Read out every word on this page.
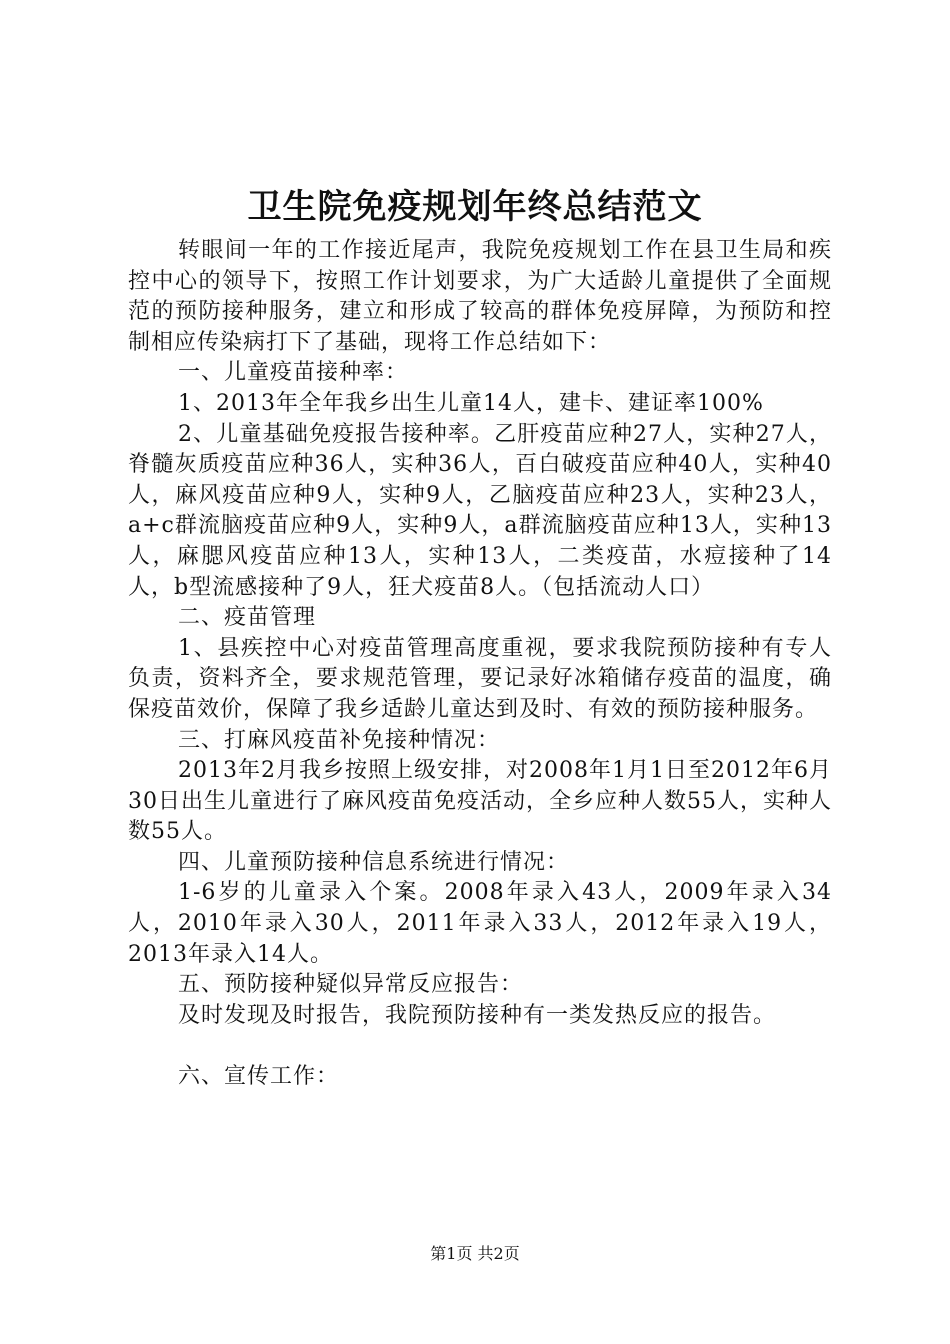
卫生院免疫规划年终总结范文

转眼间一年的工作接近尾声，我院免疫规划工作在县卫生局和疾控中心的领导下，按照工作计划要求，为广大适龄儿童提供了全面规范的预防接种服务，建立和形成了较高的群体免疫屏障，为预防和控制相应传染病打下了基础，现将工作总结如下：

一、儿童疫苗接种率：

1、2013年全年我乡出生儿童14人，建卡、建证率100%

2、儿童基础免疫报告接种率。乙肝疫苗应种27人，实种27人，脊髓灰质疫苗应种36人，实种36人，百白破疫苗应种40人，实种40人，麻风疫苗应种9人，实种9人，乙脑疫苗应种23人，实种23人，a+c群流脑疫苗应种9人，实种9人，a群流脑疫苗应种13人，实种13人，麻腮风疫苗应种13人，实种13人，二类疫苗，水痘接种了14人，b型流感接种了9人，狂犬疫苗8人。（包括流动人口）

二、疫苗管理

1、县疾控中心对疫苗管理高度重视，要求我院预防接种有专人负责，资料齐全，要求规范管理，要记录好冰箱储存疫苗的温度，确保疫苗效价，保障了我乡适龄儿童达到及时、有效的预防接种服务。

三、打麻风疫苗补免接种情况：

2013年2月我乡按照上级安排，对2008年1月1日至2012年6月30日出生儿童进行了麻风疫苗免疫活动，全乡应种人数55人，实种人数55人。

四、儿童预防接种信息系统进行情况：

1-6岁的儿童录入个案。2008年录入43人，2009年录入34人，2010年录入30人，2011年录入33人，2012年录入19人，2013年录入14人。

五、预防接种疑似异常反应报告：

及时发现及时报告，我院预防接种有一类发热反应的报告。

六、宣传工作：

第1页 共2页
